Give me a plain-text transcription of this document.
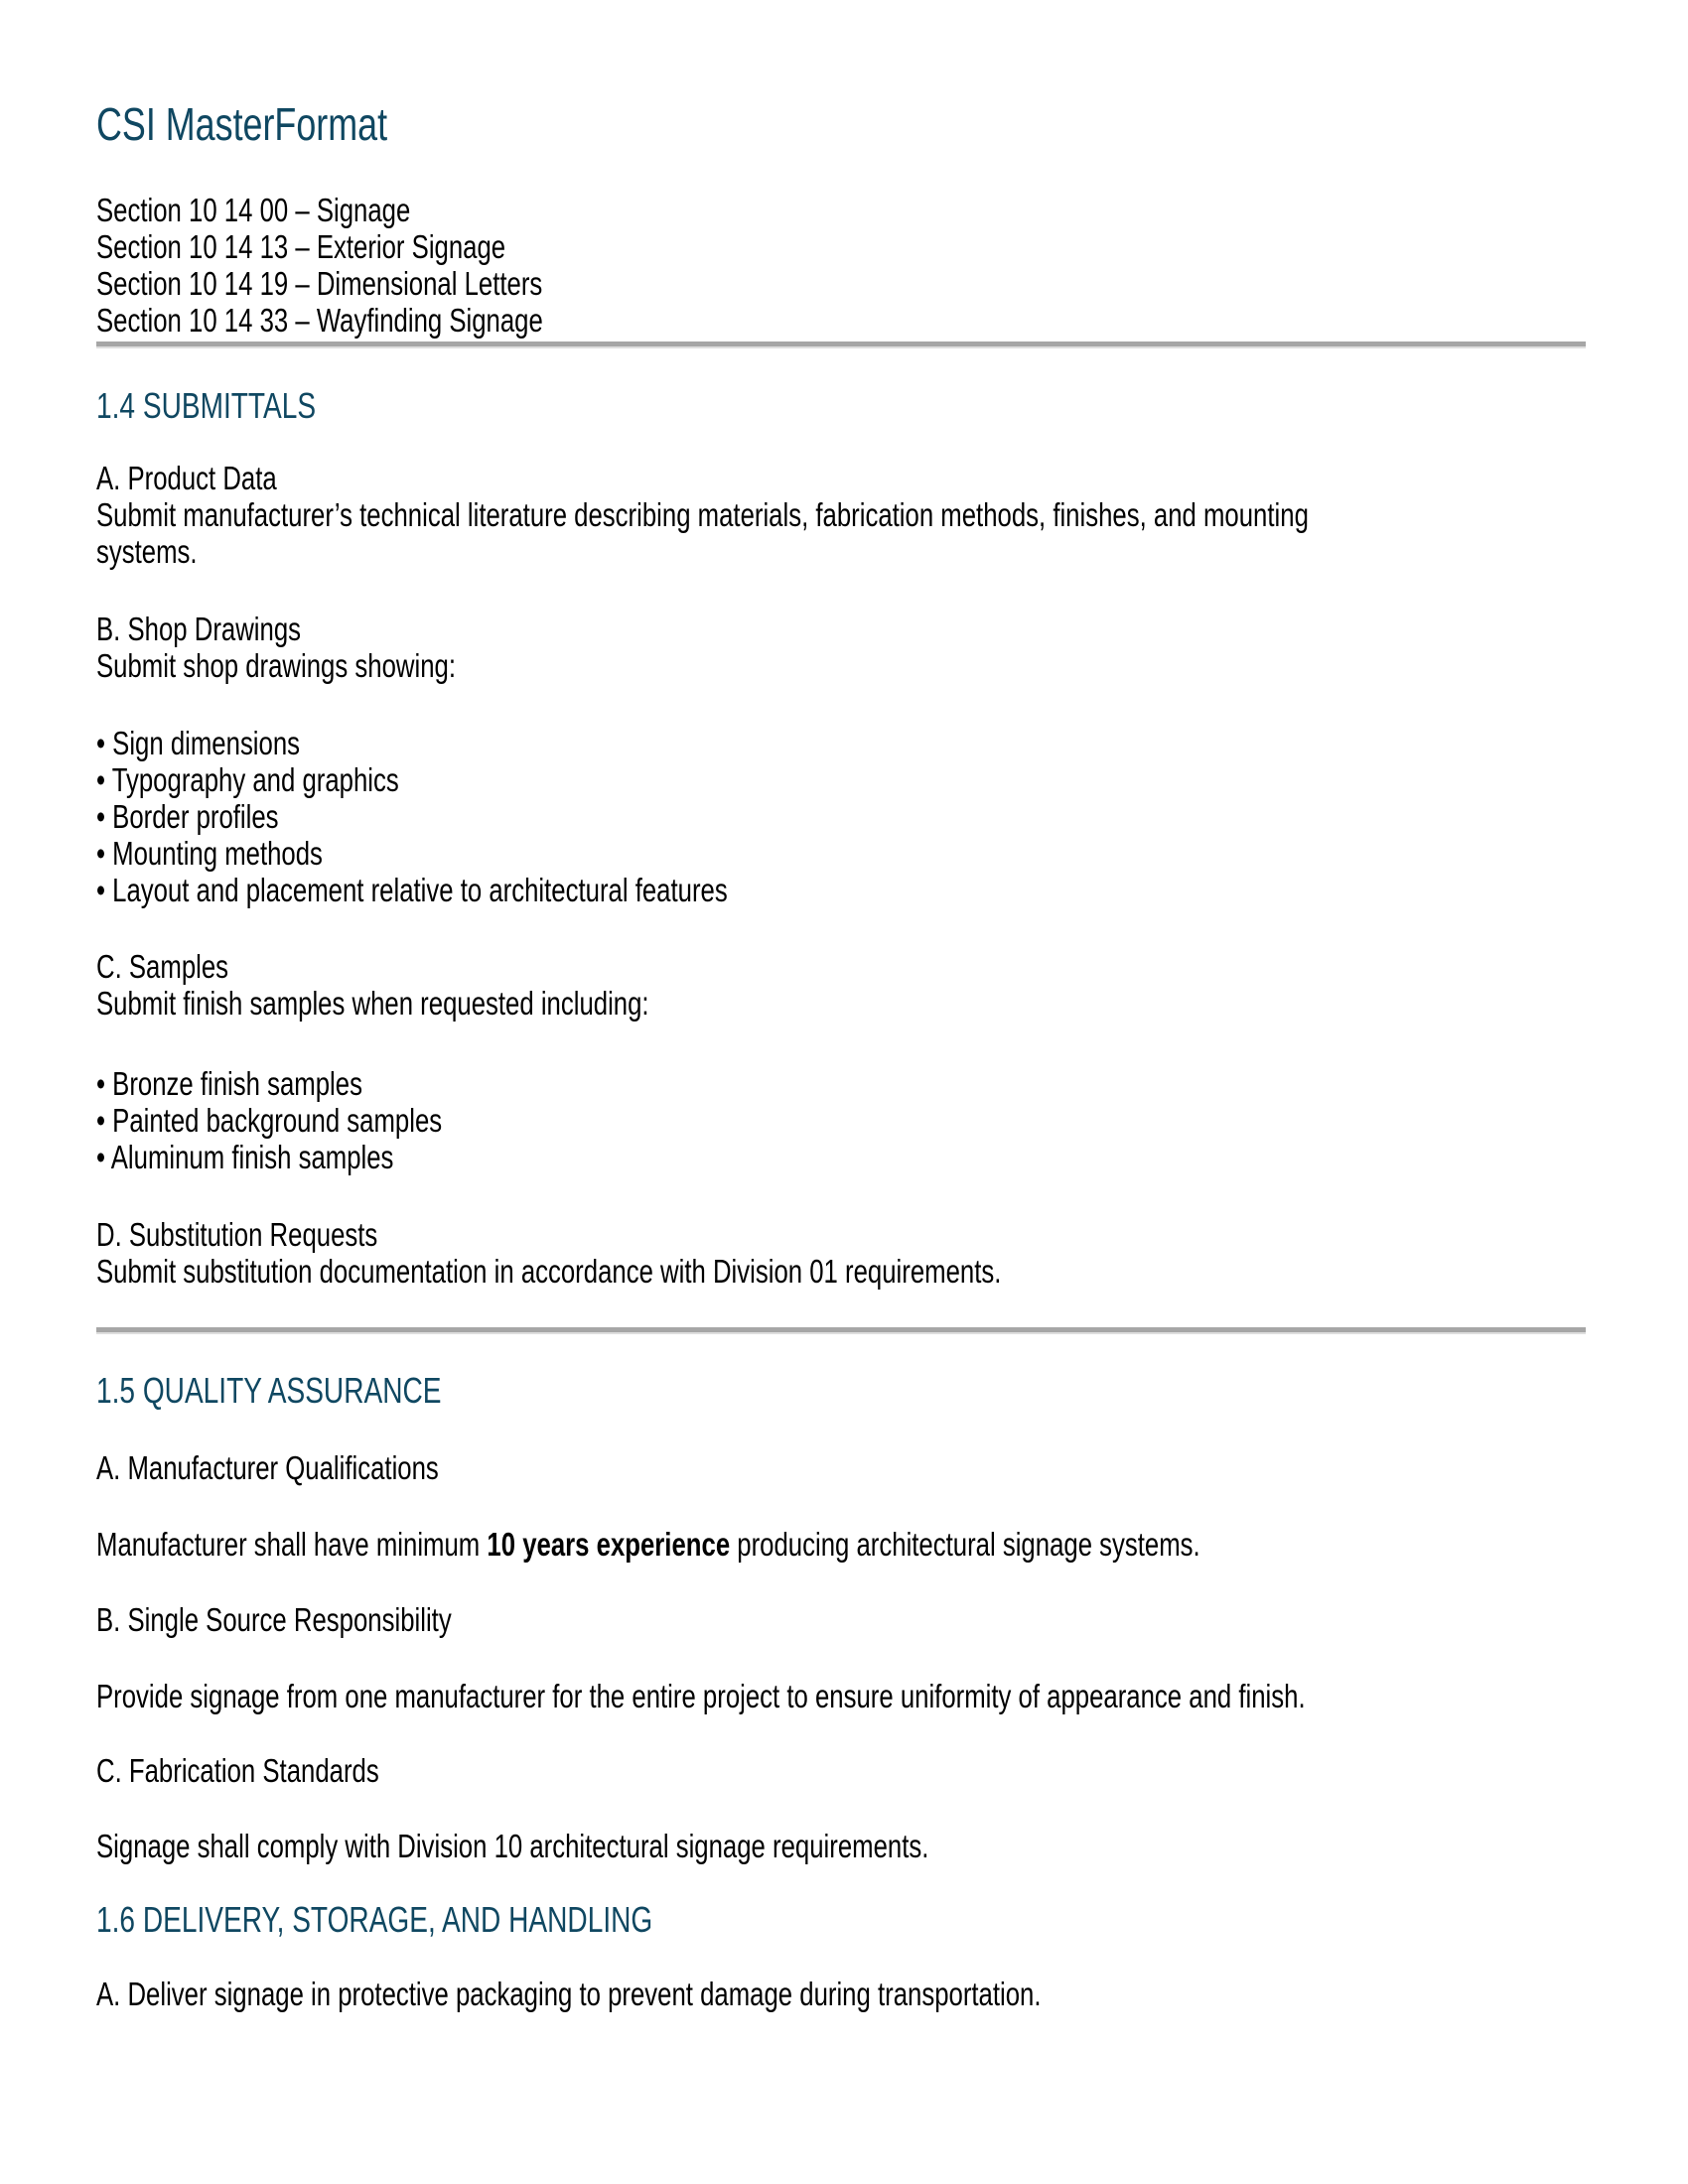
CSI MasterFormat
Section 10 14 00 – Signage
Section 10 14 13 – Exterior Signage
Section 10 14 19 – Dimensional Letters
Section 10 14 33 – Wayfinding Signage
1.4 SUBMITTALS
A. Product Data
Submit manufacturer’s technical literature describing materials, fabrication methods, finishes, and mounting
systems.
B. Shop Drawings
Submit shop drawings showing:
• Sign dimensions
• Typography and graphics
• Border profiles
• Mounting methods
• Layout and placement relative to architectural features
C. Samples
Submit finish samples when requested including:
• Bronze finish samples
• Painted background samples
• Aluminum finish samples
D. Substitution Requests
Submit substitution documentation in accordance with Division 01 requirements.
1.5 QUALITY ASSURANCE
A. Manufacturer Qualifications
Manufacturer shall have minimum 10 years experience producing architectural signage systems.
B. Single Source Responsibility
Provide signage from one manufacturer for the entire project to ensure uniformity of appearance and finish.
C. Fabrication Standards
Signage shall comply with Division 10 architectural signage requirements.
1.6 DELIVERY, STORAGE, AND HANDLING
A. Deliver signage in protective packaging to prevent damage during transportation.
